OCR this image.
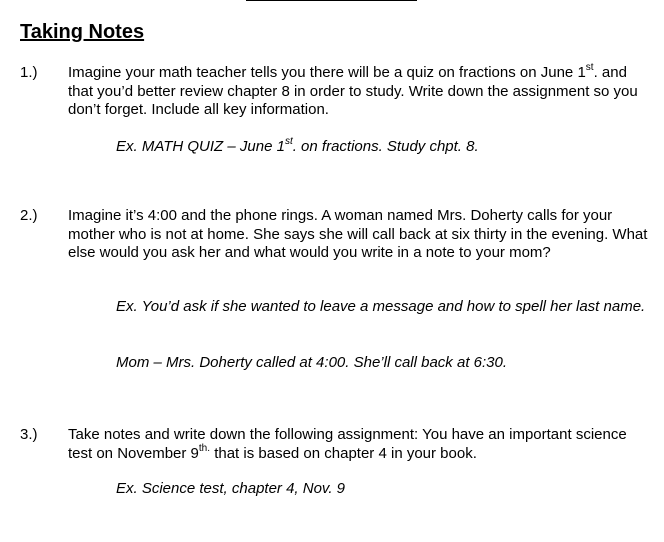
Taking Notes
1.) Imagine your math teacher tells you there will be a quiz on fractions on June 1st. and that you’d better review chapter 8 in order to study. Write down the assignment so you don’t forget. Include all key information.
Ex. MATH QUIZ – June 1st. on fractions. Study chpt. 8.
2.) Imagine it’s 4:00 and the phone rings. A woman named Mrs. Doherty calls for your mother who is not at home. She says she will call back at six thirty in the evening. What else would you ask her and what would you write in a note to your mom?
Ex. You’d ask if she wanted to leave a message and how to spell her last name.
Mom – Mrs. Doherty called at 4:00. She’ll call back at 6:30.
3.) Take notes and write down the following assignment: You have an important science test on November $9^{th.}$ that is based on chapter 4 in your book.
Ex. Science test, chapter 4, Nov. 9
